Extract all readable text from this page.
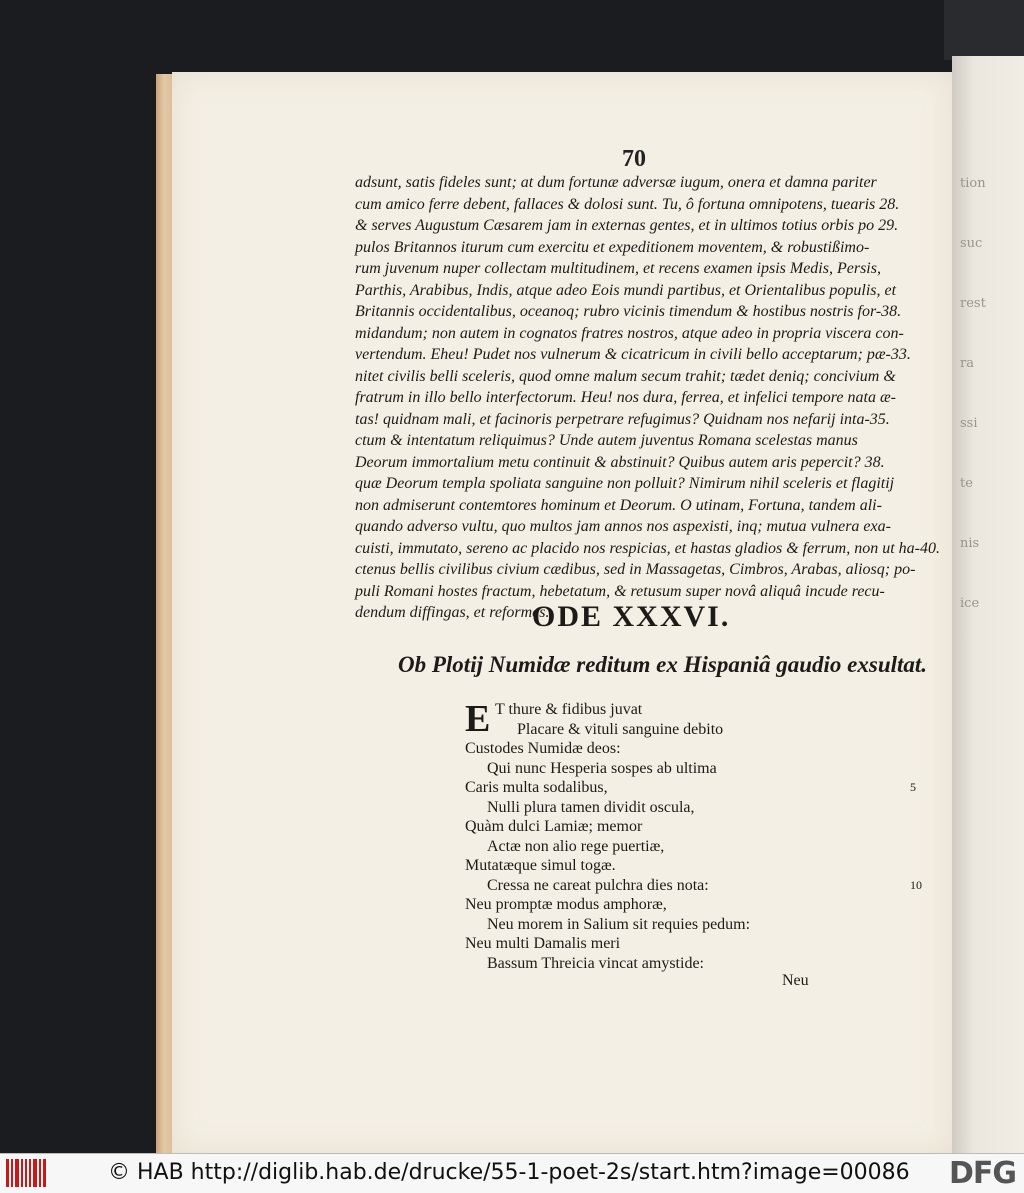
70
adsunt, satis fideles sunt; at dum fortunæ adversæ iugum, onera et damna pariter
cum amico ferre debent, fallaces & dolosi sunt. Tu, ô fortuna omnipotens, tuearis 28.
& serves Augustum Cæsarem jam in externas gentes, et in ultimos totius orbis po 29.
pulos Britannos iturum cum exercitu et expeditionem moventem, & robustißimo-
rum juvenum nuper collectam multitudinem, et recens examen ipsis Medis, Persis,
Parthis, Arabibus, Indis, atque adeo Eois mundi partibus, et Orientalibus populis, et
Britannis occidentalibus, oceanoq; rubro vicinis timendum & hostibus nostris for-38.
midandum; non autem in cognatos fratres nostros, atque adeo in propria viscera con-
vertendum. Eheu! Pudet nos vulnerum & cicatricum in civili bello acceptarum; pæ-33.
nitet civilis belli sceleris, quod omne malum secum trahit; tædet deniq; concivium &
fratrum in illo bello interfectorum. Heu! nos dura, ferrea, et infelici tempore nata æ-
tas! quidnam mali, et facinoris perpetrare refugimus? Quidnam nos nefarij inta-35.
ctum & intentatum reliquimus? Unde autem juventus Romana scelestas manus
Deorum immortalium metu continuit & abstinuit? Quibus autem aris pepercit? 38.
quæ Deorum templa spoliata sanguine non polluit? Nimirum nihil sceleris et flagitij
non admiserunt contemtores hominum et Deorum. O utinam, Fortuna, tandem ali-
quando adverso vultu, quo multos jam annos nos aspexisti, inq; mutua vulnera exa-
cuisti, immutato, sereno ac placido nos respicias, et hastas gladios & ferrum, non ut ha-40.
ctenus bellis civilibus civium cædibus, sed in Massagetas, Cimbros, Arabas, aliosq; po-
puli Romani hostes fractum, hebetatum, & retusum super novâ aliquâ incude recu-
dendum diffingas, et reformes.
ODE XXXVI.
Ob Plotij Numidæ reditum ex Hispaniâ gaudio exsultat.
E T thure & fidibus juvat
Placare & vituli sanguine debito
Custodes Numidæ deos:
Qui nunc Hesperia sospes ab ultima
Caris multa sodalibus,	5
Nulli plura tamen dividit oscula,
Quàm dulci Lamiæ; memor
Actæ non alio rege puertiæ,
Mutatæque simul togæ.
Cressa ne careat pulchra dies nota:	10
Neu promptæ modus amphoræ,
Neu morem in Salium sit requies pedum:
Neu multi Damalis meri
Bassum Threicia vincat amystide:
Neu
tion
suc
rest
ra
ssi
te
nis
ice
© HAB http://diglib.hab.de/drucke/55-1-poet-2s/start.htm?image=00086 DFG
